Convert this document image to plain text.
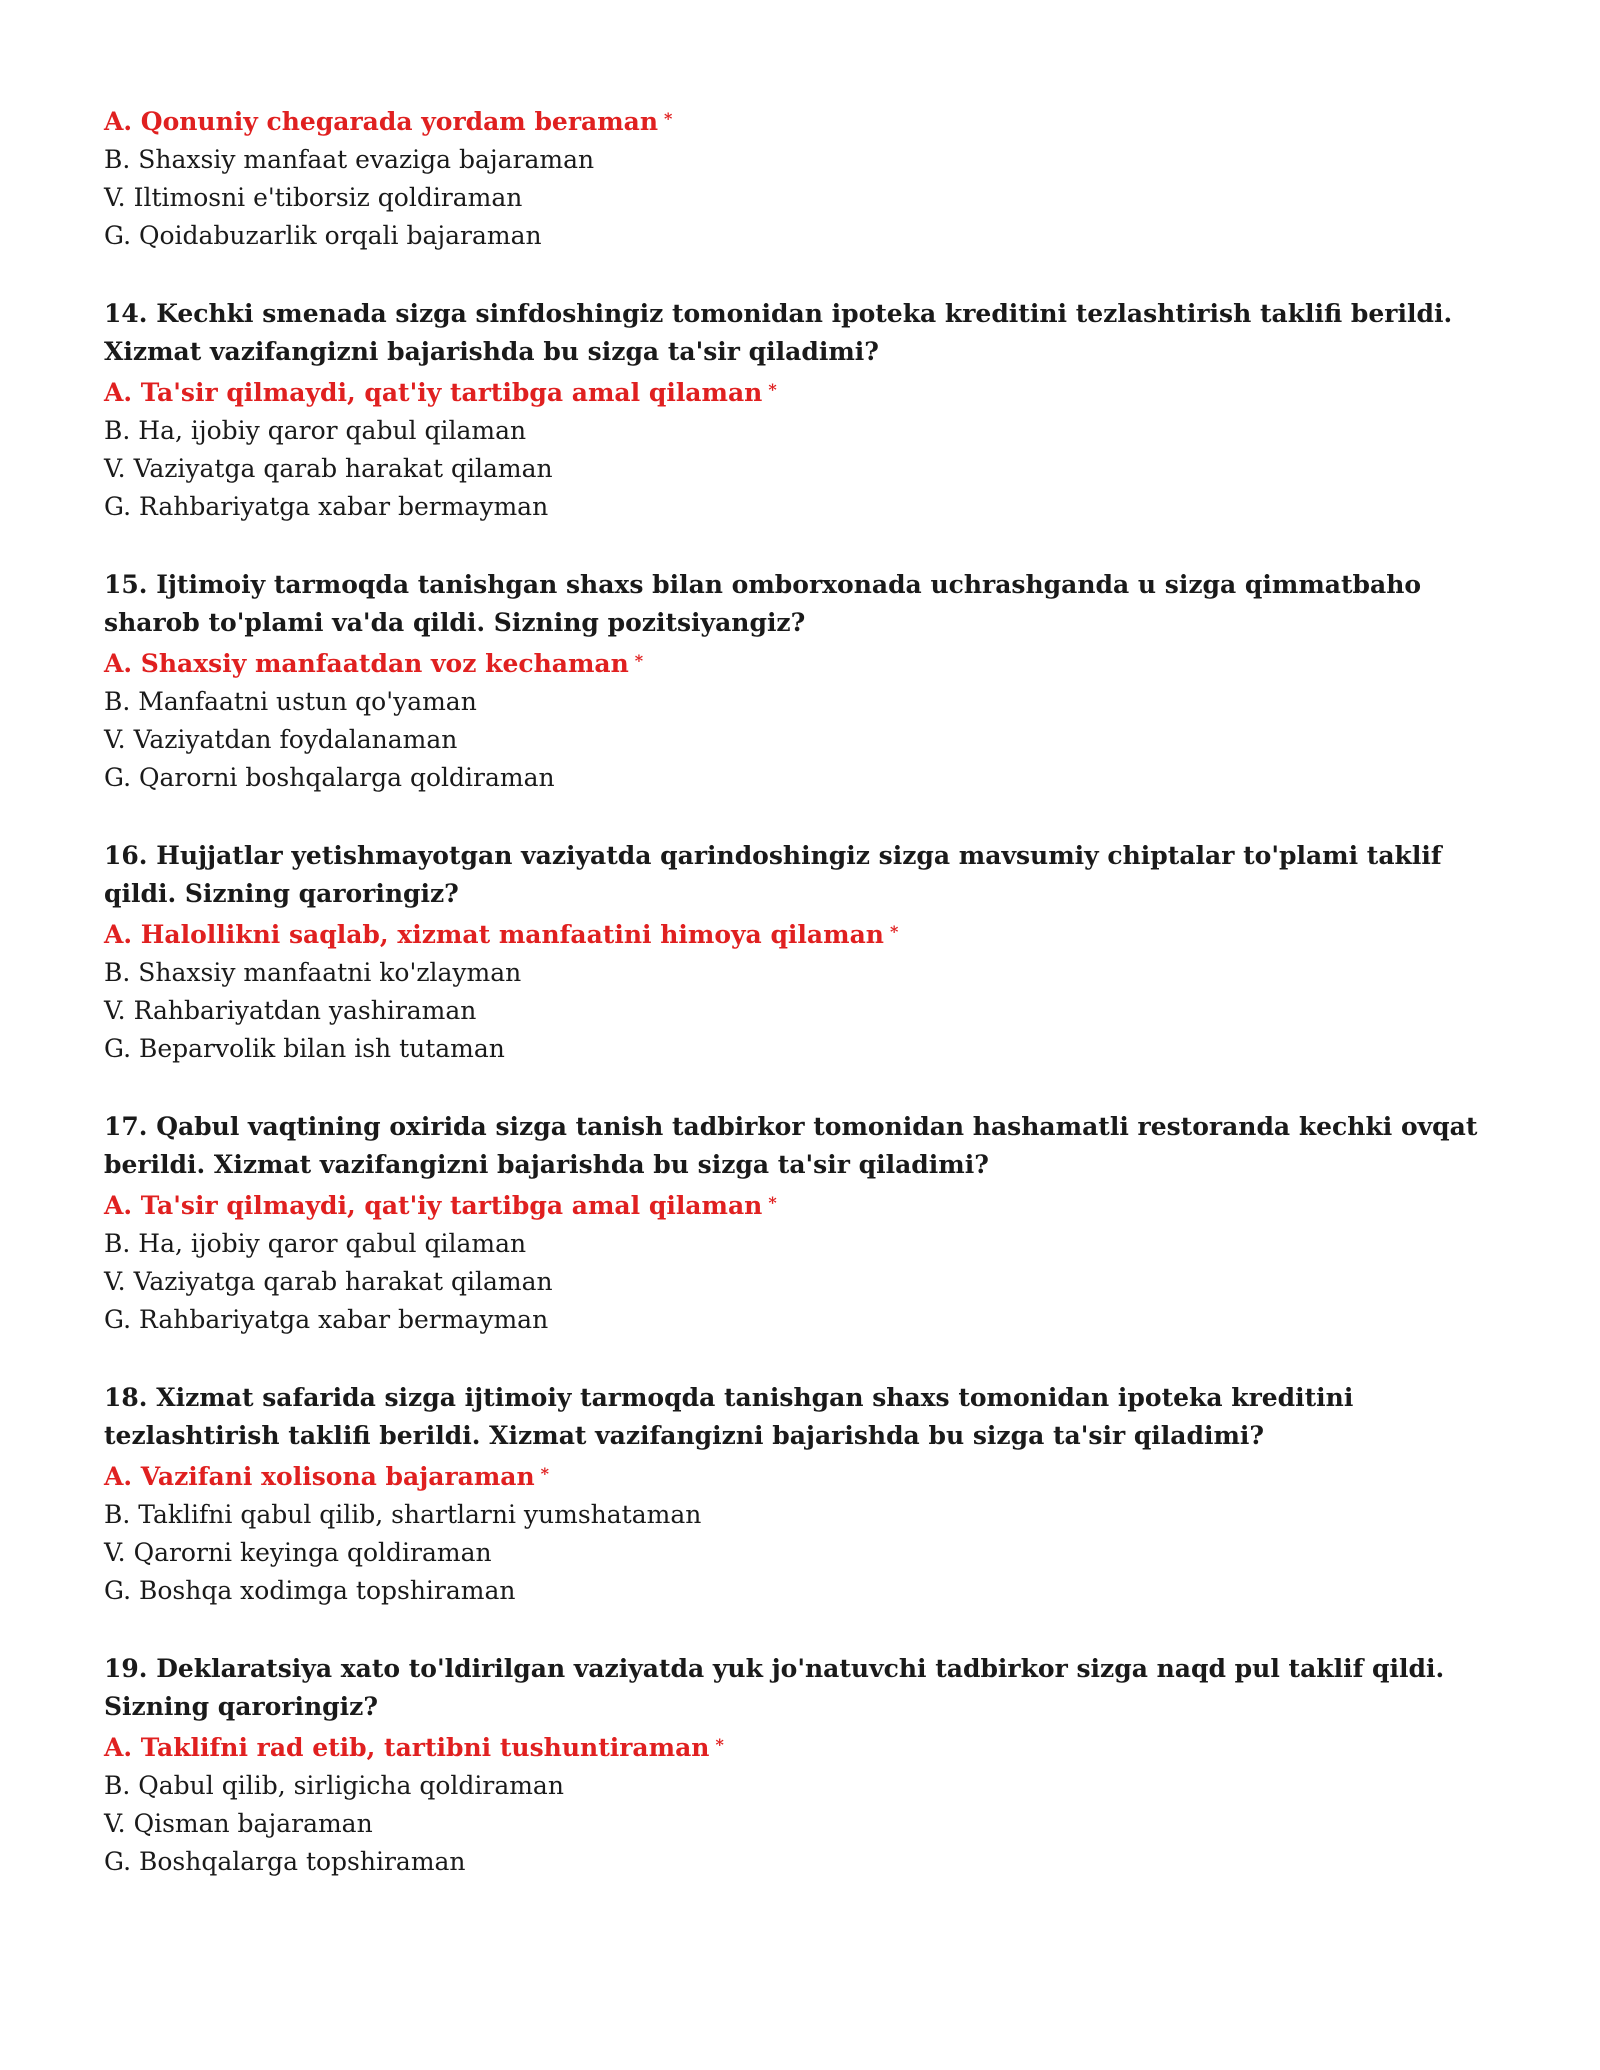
A. Qonuniy chegarada yordam beraman *

B. Shaxsiy manfaat evaziga bajaraman

V. Iltimosni e'tiborsiz qoldiraman

G. Qoidabuzarlik orqali bajaraman

14. Kechki smenada sizga sinfdoshingiz tomonidan ipoteka kreditini tezlashtirish taklifi berildi. Xizmat vazifangizni bajarishda bu sizga ta'sir qiladimi?

A. Ta'sir qilmaydi, qat'iy tartibga amal qilaman *

B. Ha, ijobiy qaror qabul qilaman

V. Vaziyatga qarab harakat qilaman

G. Rahbariyatga xabar bermayman

15. Ijtimoiy tarmoqda tanishgan shaxs bilan omborxonada uchrashganda u sizga qimmatbaho sharob to'plami va'da qildi. Sizning pozitsiyangiz?

A. Shaxsiy manfaatdan voz kechaman *

B. Manfaatni ustun qo'yaman

V. Vaziyatdan foydalanaman

G. Qarorni boshqalarga qoldiraman

16. Hujjatlar yetishmayotgan vaziyatda qarindoshingiz sizga mavsumiy chiptalar to'plami taklif qildi. Sizning qaroringiz?

A. Halollikni saqlab, xizmat manfaatini himoya qilaman *

B. Shaxsiy manfaatni ko'zlayman

V. Rahbariyatdan yashiraman

G. Beparvolik bilan ish tutaman

17. Qabul vaqtining oxirida sizga tanish tadbirkor tomonidan hashamatli restoranda kechki ovqat berildi. Xizmat vazifangizni bajarishda bu sizga ta'sir qiladimi?

A. Ta'sir qilmaydi, qat'iy tartibga amal qilaman *

B. Ha, ijobiy qaror qabul qilaman

V. Vaziyatga qarab harakat qilaman

G. Rahbariyatga xabar bermayman

18. Xizmat safarida sizga ijtimoiy tarmoqda tanishgan shaxs tomonidan ipoteka kreditini tezlashtirish taklifi berildi. Xizmat vazifangizni bajarishda bu sizga ta'sir qiladimi?

A. Vazifani xolisona bajaraman *

B. Taklifni qabul qilib, shartlarni yumshataman

V. Qarorni keyinga qoldiraman

G. Boshqa xodimga topshiraman

19. Deklaratsiya xato to'ldirilgan vaziyatda yuk jo'natuvchi tadbirkor sizga naqd pul taklif qildi. Sizning qaroringiz?

A. Taklifni rad etib, tartibni tushuntiraman *

B. Qabul qilib, sirligicha qoldiraman

V. Qisman bajaraman

G. Boshqalarga topshiraman
